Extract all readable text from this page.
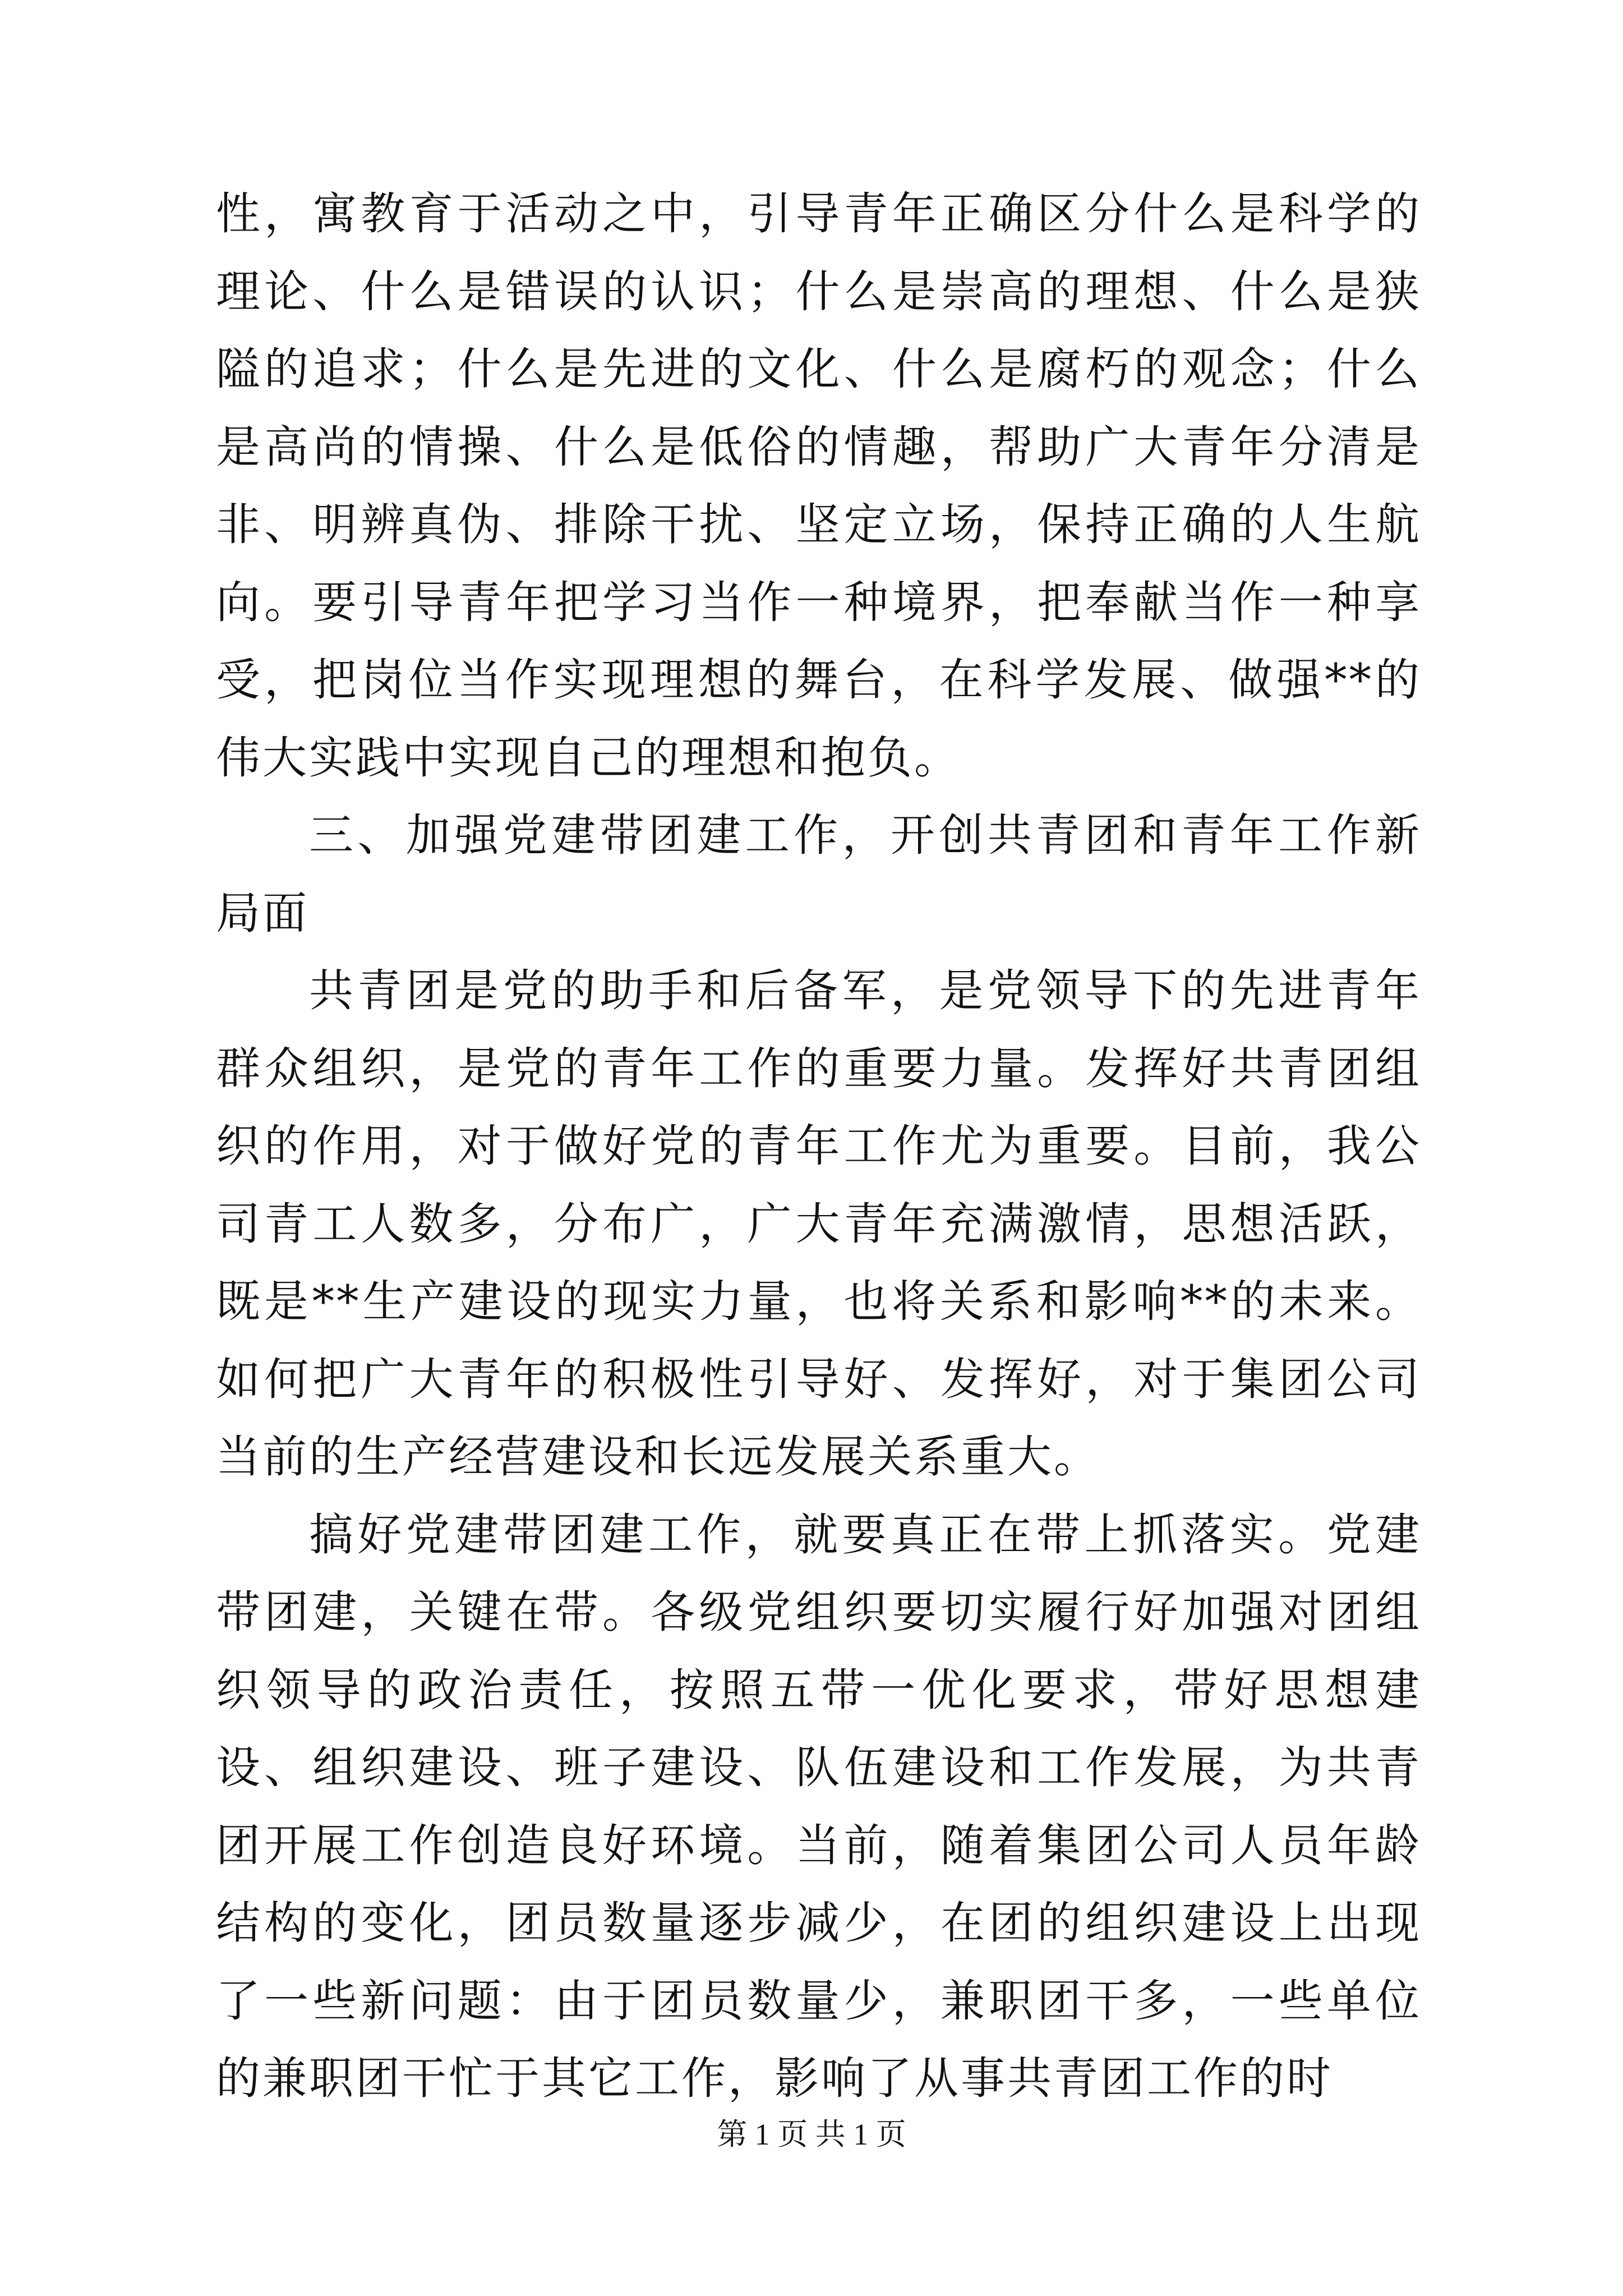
性，寓教育于活动之中，引导青年正确区分什么是科学的理论、什么是错误的认识；什么是崇高的理想、什么是狭隘的追求；什么是先进的文化、什么是腐朽的观念；什么是高尚的情操、什么是低俗的情趣，帮助广大青年分清是非、明辨真伪、排除干扰、坚定立场，保持正确的人生航向。要引导青年把学习当作一种境界，把奉献当作一种享受，把岗位当作实现理想的舞台，在科学发展、做强**的伟大实践中实现自己的理想和抱负。

三、加强党建带团建工作，开创共青团和青年工作新局面

共青团是党的助手和后备军，是党领导下的先进青年群众组织，是党的青年工作的重要力量。发挥好共青团组织的作用，对于做好党的青年工作尤为重要。目前，我公司青工人数多，分布广，广大青年充满激情，思想活跃，既是**生产建设的现实力量，也将关系和影响**的未来。如何把广大青年的积极性引导好、发挥好，对于集团公司当前的生产经营建设和长远发展关系重大。

搞好党建带团建工作，就要真正在带上抓落实。党建带团建，关键在带。各级党组织要切实履行好加强对团组织领导的政治责任，按照五带一优化要求，带好思想建设、组织建设、班子建设、队伍建设和工作发展，为共青团开展工作创造良好环境。当前，随着集团公司人员年龄结构的变化，团员数量逐步减少，在团的组织建设上出现了一些新问题：由于团员数量少，兼职团干多，一些单位的兼职团干忙于其它工作，影响了从事共青团工作的时

第 1 页 共 1 页
